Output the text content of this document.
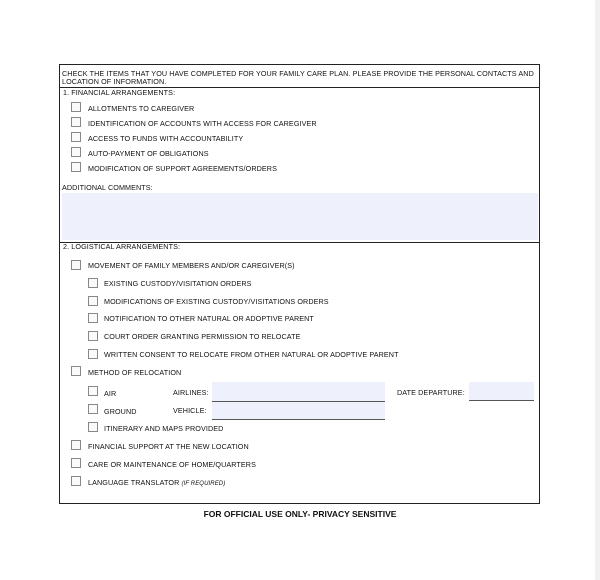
CHECK THE ITEMS THAT YOU HAVE COMPLETED FOR YOUR FAMILY CARE PLAN. PLEASE PROVIDE THE PERSONAL CONTACTS AND
LOCATION OF INFORMATION.
1. FINANCIAL ARRANGEMENTS:
ALLOTMENTS TO CAREGIVER
IDENTIFICATION OF ACCOUNTS WITH ACCESS FOR CAREGIVER
ACCESS TO FUNDS WITH ACCOUNTABILITY
AUTO-PAYMENT OF OBLIGATIONS
MODIFICATION OF SUPPORT AGREEMENTS/ORDERS
ADDITIONAL COMMENTS:
2. LOGISTICAL ARRANGEMENTS:
MOVEMENT OF FAMILY MEMBERS AND/OR CAREGIVER(S)
EXISTING CUSTODY/VISITATION ORDERS
MODIFICATIONS OF EXISTING CUSTODY/VISITATIONS ORDERS
NOTIFICATION TO OTHER NATURAL OR ADOPTIVE PARENT
COURT ORDER GRANTING PERMISSION TO RELOCATE
WRITTEN CONSENT TO RELOCATE FROM OTHER NATURAL OR ADOPTIVE PARENT
METHOD OF RELOCATION
AIR	AIRLINES:	DATE DEPARTURE:
GROUND	VEHICLE:
ITINERARY AND MAPS PROVIDED
FINANCIAL SUPPORT AT THE NEW LOCATION
CARE OR MAINTENANCE OF HOME/QUARTERS
LANGUAGE TRANSLATOR (IF REQUIRED)
FOR OFFICIAL USE ONLY- PRIVACY SENSITIVE
